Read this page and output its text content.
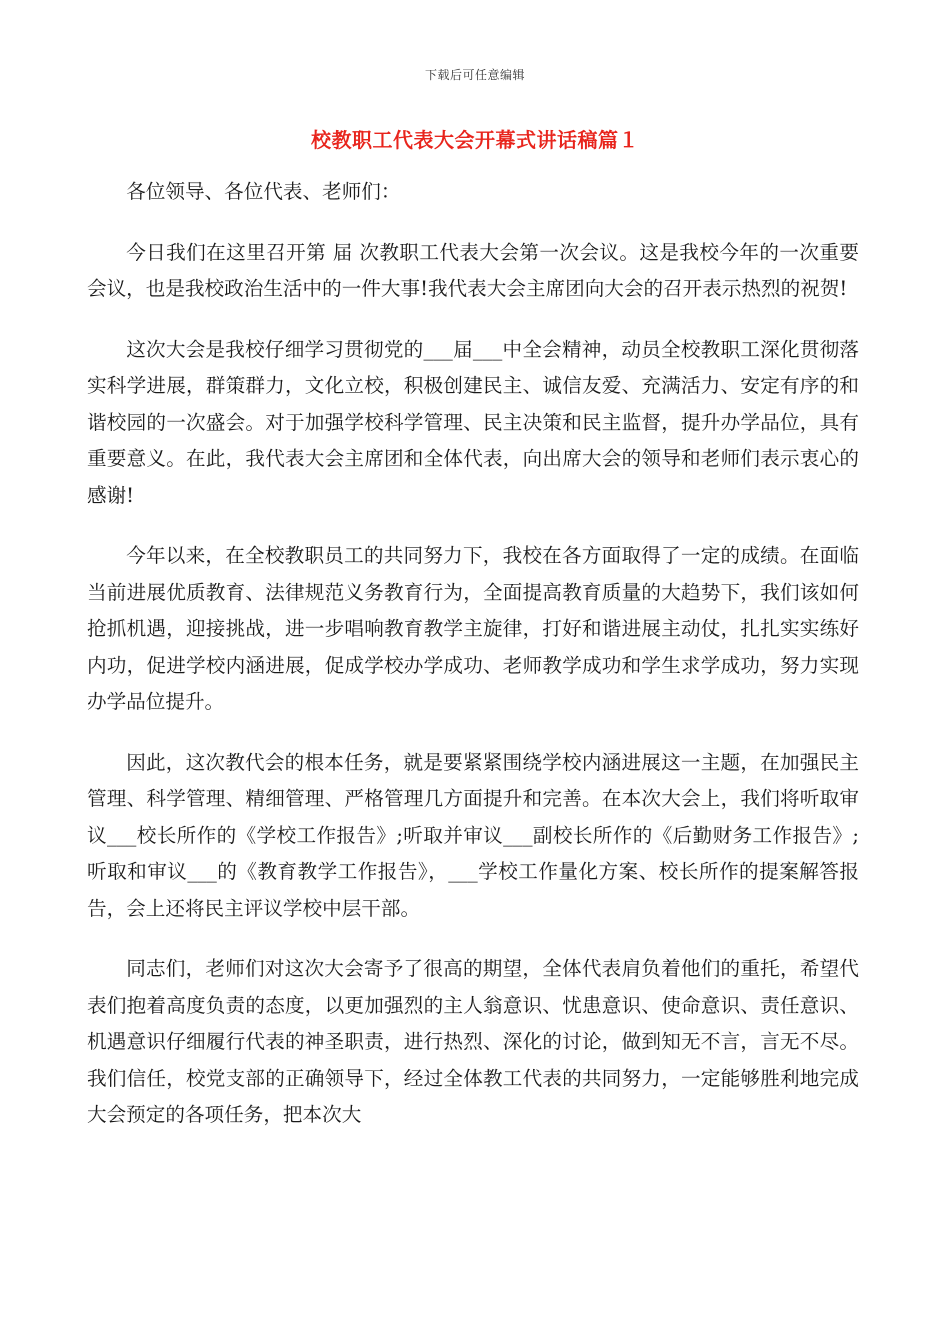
下载后可任意编辑
校教职工代表大会开幕式讲话稿篇１

各位领导、各位代表、老师们：

今日我们在这里召开第 届 次教职工代表大会第一次会议。这是我校今年的一次重要会议，也是我校政治生活中的一件大事!我代表大会主席团向大会的召开表示热烈的祝贺!

这次大会是我校仔细学习贯彻党的___届___中全会精神，动员全校教职工深化贯彻落实科学进展，群策群力，文化立校，积极创建民主、诚信友爱、充满活力、安定有序的和谐校园的一次盛会。对于加强学校科学管理、民主决策和民主监督，提升办学品位，具有重要意义。在此，我代表大会主席团和全体代表，向出席大会的领导和老师们表示衷心的感谢!

今年以来，在全校教职员工的共同努力下，我校在各方面取得了一定的成绩。在面临当前进展优质教育、法律规范义务教育行为，全面提高教育质量的大趋势下，我们该如何抢抓机遇，迎接挑战，进一步唱响教育教学主旋律，打好和谐进展主动仗，扎扎实实练好内功，促进学校内涵进展，促成学校办学成功、老师教学成功和学生求学成功，努力实现办学品位提升。

因此，这次教代会的根本任务，就是要紧紧围绕学校内涵进展这一主题，在加强民主管理、科学管理、精细管理、严格管理几方面提升和完善。在本次大会上，我们将听取审议___校长所作的《学校工作报告》;听取并审议___副校长所作的《后勤财务工作报告》;听取和审议___的《教育教学工作报告》，___学校工作量化方案、校长所作的提案解答报告，会上还将民主评议学校中层干部。

同志们，老师们对这次大会寄予了很高的期望，全体代表肩负着他们的重托，希望代表们抱着高度负责的态度，以更加强烈的主人翁意识、忧患意识、使命意识、责任意识、机遇意识仔细履行代表的神圣职责，进行热烈、深化的讨论，做到知无不言，言无不尽。我们信任，校党支部的正确领导下，经过全体教工代表的共同努力，一定能够胜利地完成大会预定的各项任务，把本次大
